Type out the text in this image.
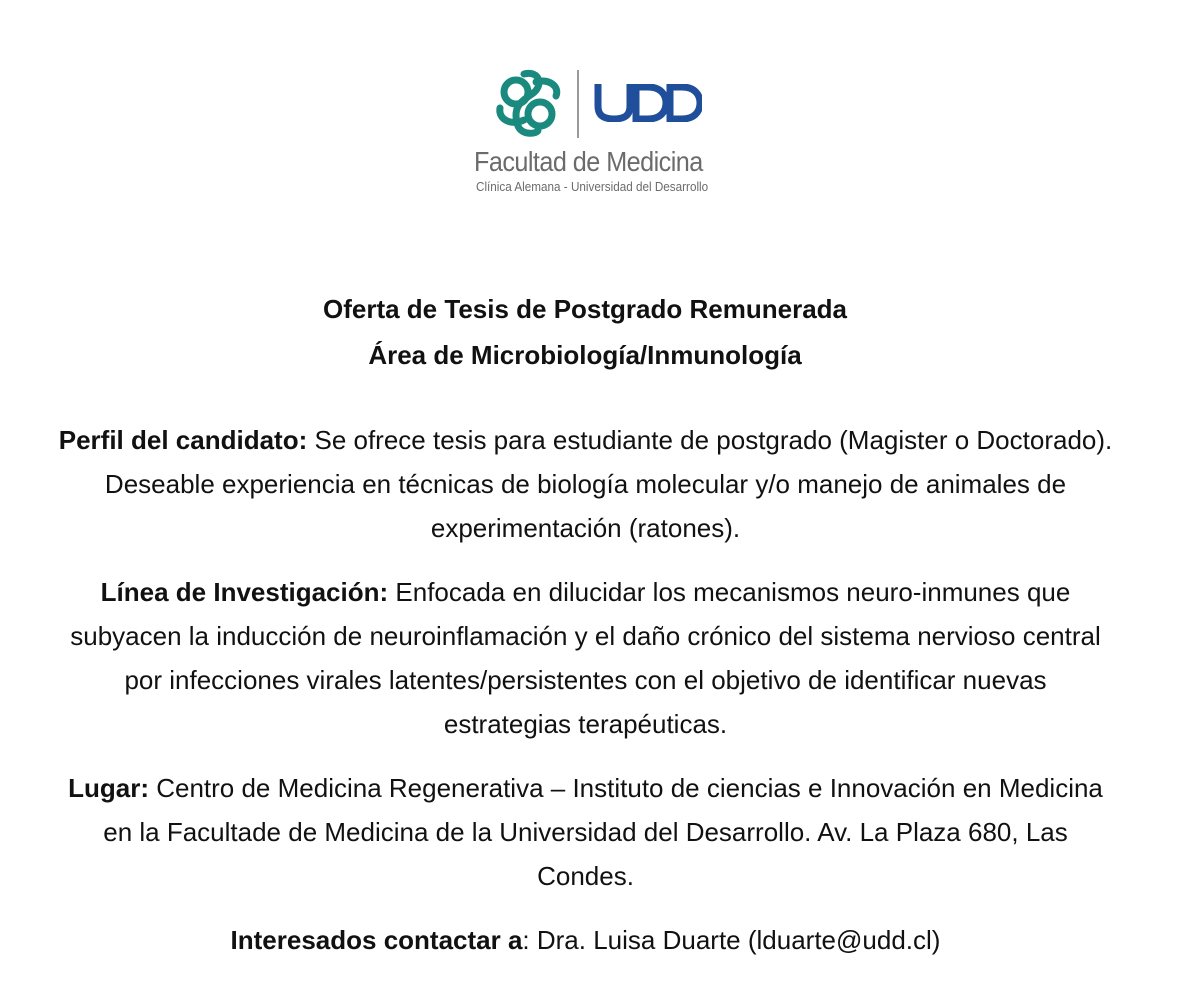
Facultad de Medicina
Clínica Alemana - Universidad del Desarrollo
Oferta de Tesis de Postgrado Remunerada
Área de Microbiología/Inmunología

Perfil del candidato: Se ofrece tesis para estudiante de postgrado (Magister o Doctorado). Deseable experiencia en técnicas de biología molecular y/o manejo de animales de experimentación (ratones).

Línea de Investigación: Enfocada en dilucidar los mecanismos neuro-inmunes que subyacen la inducción de neuroinflamación y el daño crónico del sistema nervioso central por infecciones virales latentes/persistentes con el objetivo de identificar nuevas estrategias terapéuticas.

Lugar: Centro de Medicina Regenerativa – Instituto de ciencias e Innovación en Medicina en la Facultade de Medicina de la Universidad del Desarrollo. Av. La Plaza 680, Las Condes.

Interesados contactar a: Dra. Luisa Duarte (lduarte@udd.cl)
